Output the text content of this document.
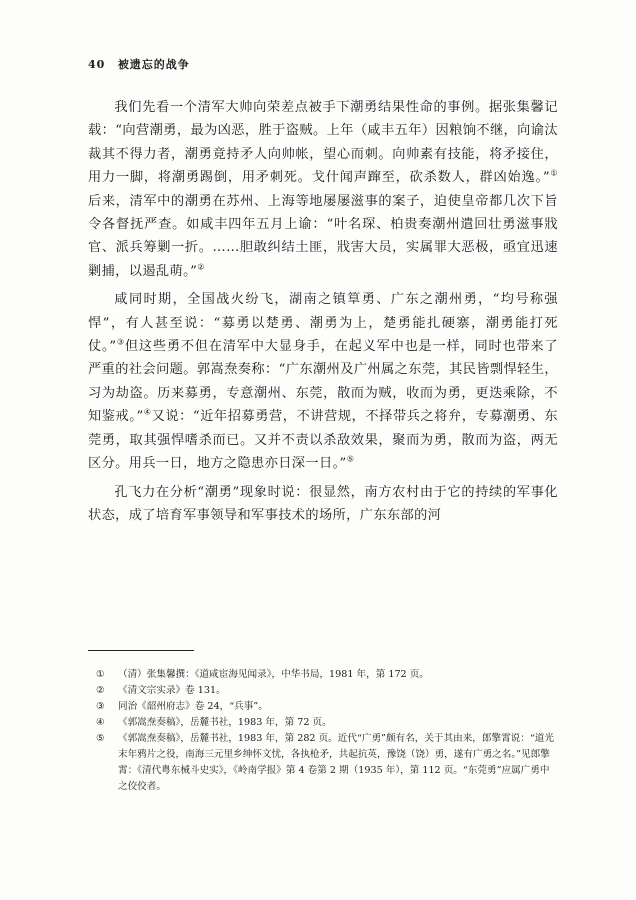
40 被遗忘的战争

我们先看一个清军大帅向荣差点被手下潮勇结果性命的事例。据张集馨记载：“向营潮勇，最为凶恶，胜于盗贼。上年（咸丰五年）因粮饷不继，向谕汰裁其不得力者，潮勇竟持矛人向帅帐，望心而刺。向帅素有技能，将矛接住，用力一脚，将潮勇踢倒，用矛刺死。戈什闻声蹿至，砍杀数人，群凶始逸。”①后来，清军中的潮勇在苏州、上海等地屡屡滋事的案子，迫使皇帝都几次下旨令各督抚严查。如咸丰四年五月上谕：“叶名琛、柏贵奏潮州遣回壮勇滋事戕官、派兵筹剿一折。……胆敢纠结土匪，戕害大员，实属罪大恶极，亟宜迅速剿捕，以遏乱萌。”②

咸同时期，全国战火纷飞，湖南之镇筸勇、广东之潮州勇，“均号称强悍”，有人甚至说：“募勇以楚勇、潮勇为上，楚勇能扎硬寨，潮勇能打死仗。”③但这些勇不但在清军中大显身手，在起义军中也是一样，同时也带来了严重的社会问题。郭嵩焘奏称：“广东潮州及广州属之东莞，其民皆剽悍轻生，习为劫盗。历来募勇，专意潮州、东莞，散而为贼，收而为勇，更迭乘除，不知鉴戒。”④又说：“近年招募勇营，不讲营规，不择带兵之将弁，专募潮勇、东莞勇，取其强悍嗜杀而已。又并不责以杀敌效果，聚而为勇，散而为盗，两无区分。用兵一日，地方之隐患亦日深一日。”⑤

孔飞力在分析“潮勇”现象时说：很显然，南方农村由于它的持续的军事化状态，成了培育军事领导和军事技术的场所，广东东部的河

①	（清）张集馨撰：《道咸宦海见闻录》，中华书局，1981 年，第 172 页。
②	《清文宗实录》卷 131。
③	同治《韶州府志》卷 24，“兵事”。
④	《郭嵩焘奏稿》，岳麓书社，1983 年，第 72 页。
⑤	《郭嵩焘奏稿》，岳麓书社，1983 年，第 282 页。近代“广勇”颇有名，关于其由来，郎擎霄说：“道光末年鸦片之役，南海三元里乡绅怀文忧，各执枪矛，共起抗英，豫饶（饶）勇，遂有广勇之名。”见郎擎霄：《清代粤东械斗史实》，《岭南学报》第 4 卷第 2 期（1935 年），第 112 页。“东莞勇”应属广勇中之佼佼者。
